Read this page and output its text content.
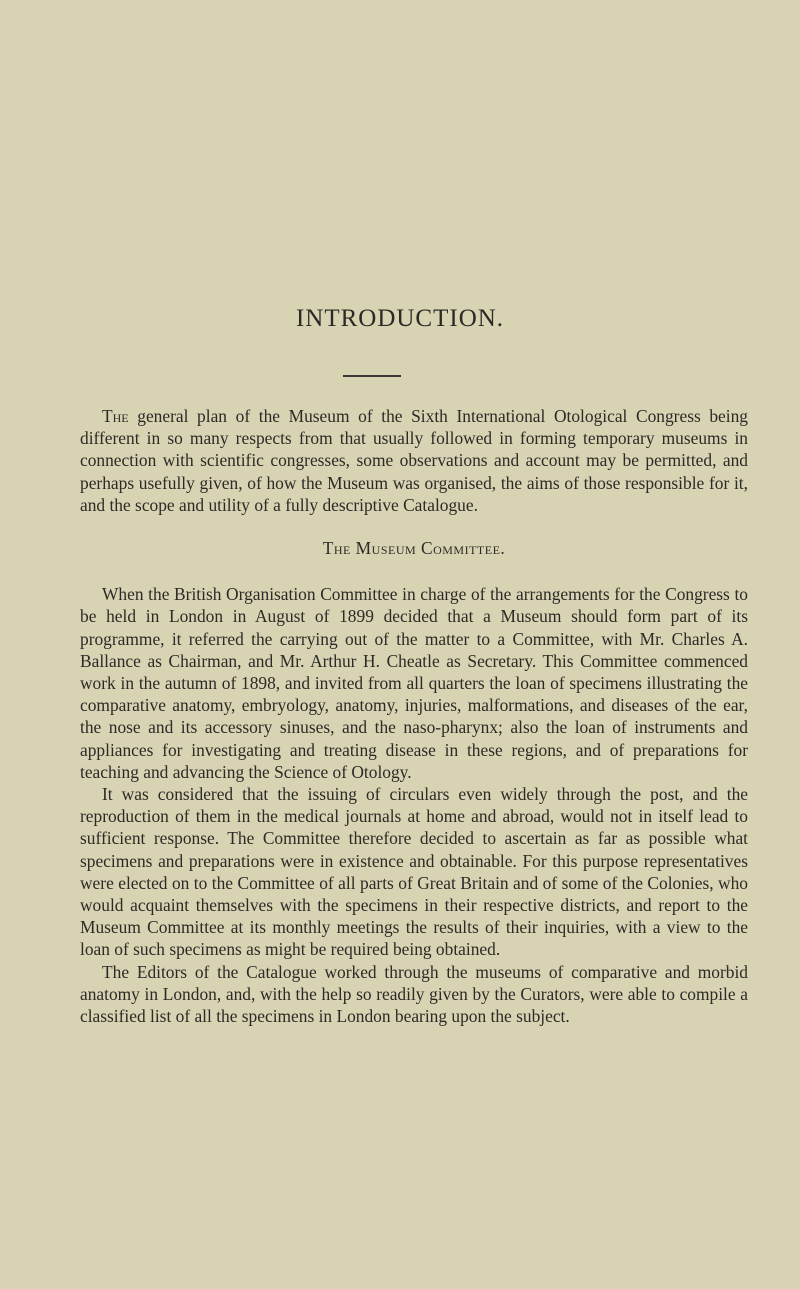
INTRODUCTION.

The general plan of the Museum of the Sixth International Otological Congress being different in so many respects from that usually followed in forming temporary museums in connection with scientific congresses, some observations and account may be permitted, and perhaps usefully given, of how the Museum was organised, the aims of those responsible for it, and the scope and utility of a fully descriptive Catalogue.

The Museum Committee.

When the British Organisation Committee in charge of the arrangements for the Congress to be held in London in August of 1899 decided that a Museum should form part of its programme, it referred the carrying out of the matter to a Committee, with Mr. Charles A. Ballance as Chairman, and Mr. Arthur H. Cheatle as Secretary. This Committee commenced work in the autumn of 1898, and invited from all quarters the loan of specimens illustrating the comparative anatomy, embryology, anatomy, injuries, malformations, and diseases of the ear, the nose and its accessory sinuses, and the naso-pharynx; also the loan of instruments and appliances for investigating and treating disease in these regions, and of preparations for teaching and advancing the Science of Otology.

It was considered that the issuing of circulars even widely through the post, and the reproduction of them in the medical journals at home and abroad, would not in itself lead to sufficient response. The Committee therefore decided to ascertain as far as possible what specimens and preparations were in existence and obtainable. For this purpose representatives were elected on to the Committee of all parts of Great Britain and of some of the Colonies, who would acquaint themselves with the specimens in their respective districts, and report to the Museum Committee at its monthly meetings the results of their inquiries, with a view to the loan of such specimens as might be required being obtained.

The Editors of the Catalogue worked through the museums of comparative and morbid anatomy in London, and, with the help so readily given by the Curators, were able to compile a classified list of all the specimens in London bearing upon the subject.
